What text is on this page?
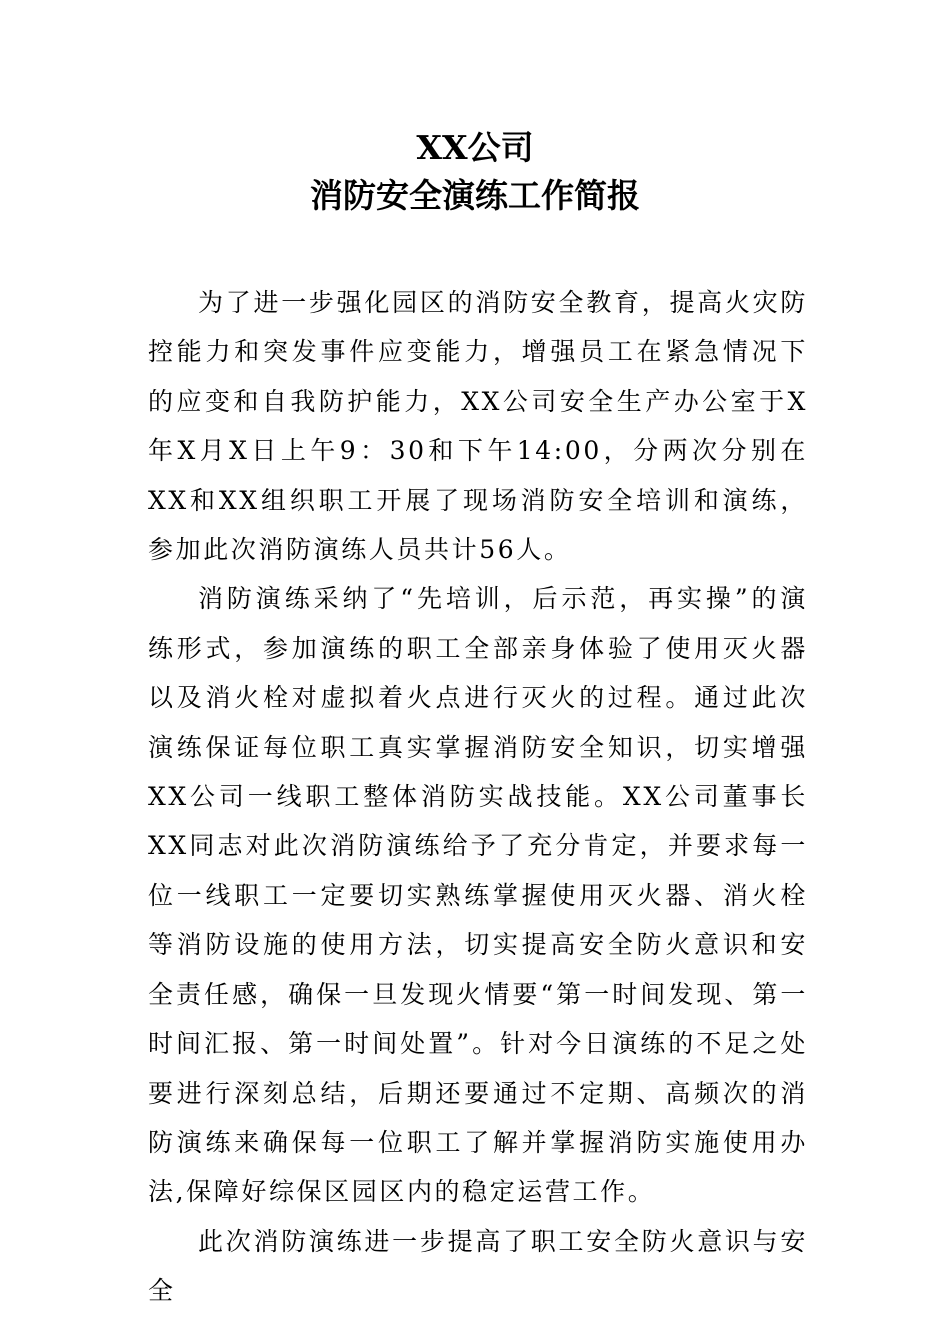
XX公司
消防安全演练工作简报

为了进一步强化园区的消防安全教育，提高火灾防控能力和突发事件应变能力，增强员工在紧急情况下的应变和自我防护能力，XX公司安全生产办公室于X年X月X日上午9：30和下午14:00，分两次分别在XX和XX组织职工开展了现场消防安全培训和演练，参加此次消防演练人员共计56人。

消防演练采纳了“先培训，后示范，再实操”的演练形式，参加演练的职工全部亲身体验了使用灭火器以及消火栓对虚拟着火点进行灭火的过程。通过此次演练保证每位职工真实掌握消防安全知识，切实增强XX公司一线职工整体消防实战技能。XX公司董事长XX同志对此次消防演练给予了充分肯定，并要求每一位一线职工一定要切实熟练掌握使用灭火器、消火栓等消防设施的使用方法，切实提高安全防火意识和安全责任感，确保一旦发现火情要“第一时间发现、第一时间汇报、第一时间处置”。针对今日演练的不足之处要进行深刻总结，后期还要通过不定期、高频次的消防演练来确保每一位职工了解并掌握消防实施使用办法,保障好综保区园区内的稳定运营工作。

此次消防演练进一步提高了职工安全防火意识与安全
